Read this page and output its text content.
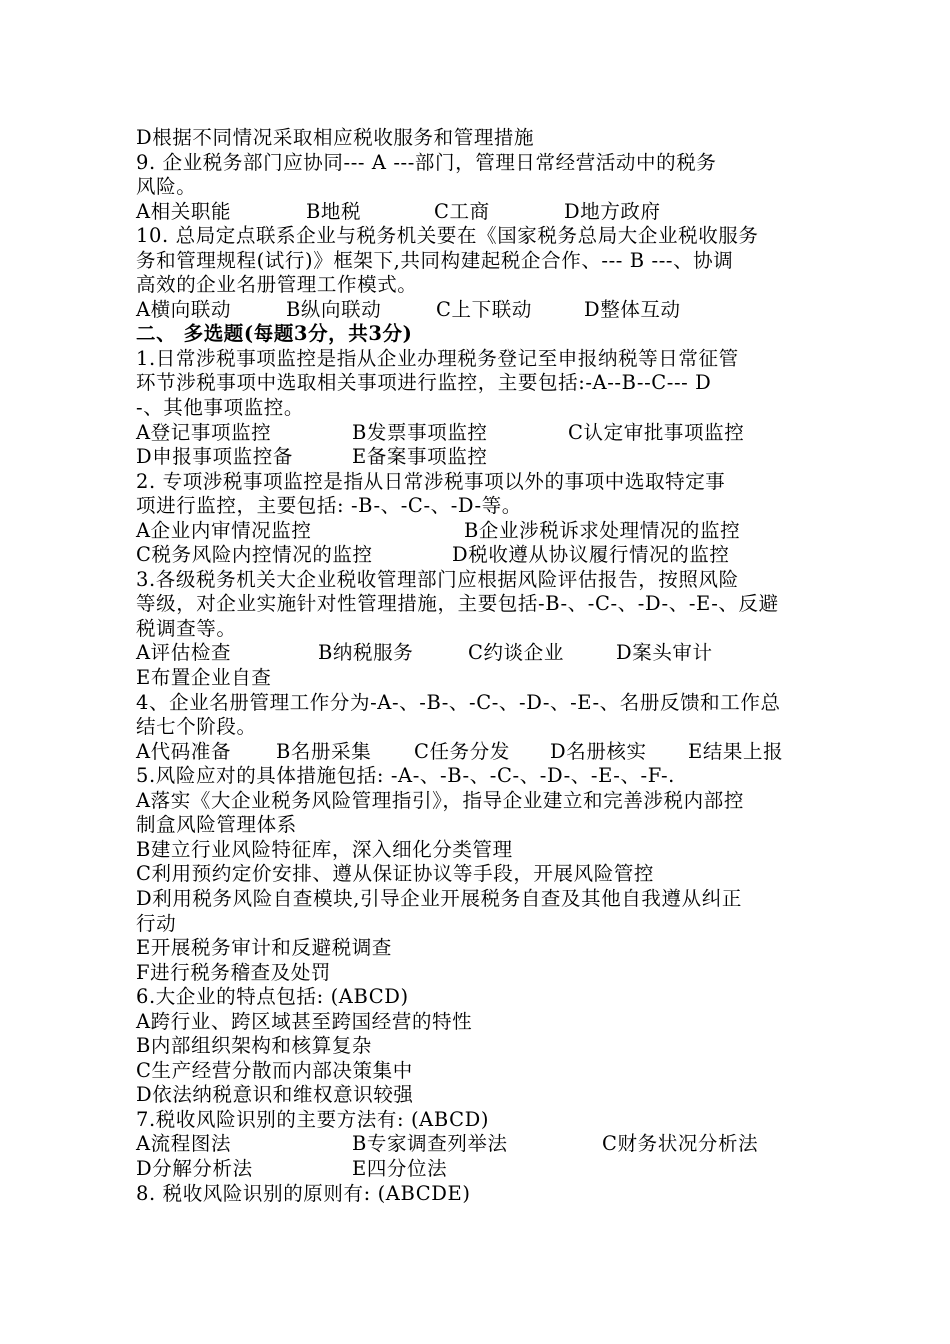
D根据不同情况采取相应税收服务和管理措施
9. 企业税务部门应协同--- A ---部门，管理日常经营活动中的税务
风险。
A相关职能	B地税	C工商	D地方政府
10. 总局定点联系企业与税务机关要在《国家税务总局大企业税收服务
务和管理规程(试行)》框架下,共同构建起税企合作、--- B ---、协调
高效的企业名册管理工作模式。
A横向联动	B纵向联动	C上下联动	D整体互动
二、 多选题(每题3分，共3分)
1.日常涉税事项监控是指从企业办理税务登记至申报纳税等日常征管
环节涉税事项中选取相关事项进行监控，主要包括:-A--B--C--- D
-、其他事项监控。
A登记事项监控	B发票事项监控	C认定审批事项监控
D申报事项监控备	E备案事项监控
2. 专项涉税事项监控是指从日常涉税事项以外的事项中选取特定事
项进行监控，主要包括: -B-、-C-、-D-等。
A企业内审情况监控	B企业涉税诉求处理情况的监控
C税务风险内控情况的监控	D税收遵从协议履行情况的监控
3.各级税务机关大企业税收管理部门应根据风险评估报告，按照风险
等级，对企业实施针对性管理措施，主要包括-B-、-C-、-D-、-E-、反避
税调查等。
A评估检查	B纳税服务	C约谈企业	D案头审计
E布置企业自查
4、企业名册管理工作分为-A-、-B-、-C-、-D-、-E-、名册反馈和工作总
结七个阶段。
A代码准备 B名册采集 C任务分发 D名册核实 E结果上报
5.风险应对的具体措施包括: -A-、-B-、-C-、-D-、-E-、-F-.
A落实《大企业税务风险管理指引》，指导企业建立和完善涉税内部控
制盒风险管理体系
B建立行业风险特征库，深入细化分类管理
C利用预约定价安排、遵从保证协议等手段，开展风险管控
D利用税务风险自查模块,引导企业开展税务自查及其他自我遵从纠正
行动
E开展税务审计和反避税调查
F进行税务稽查及处罚
6.大企业的特点包括: (ABCD)
A跨行业、跨区域甚至跨国经营的特性
B内部组织架构和核算复杂
C生产经营分散而内部决策集中
D依法纳税意识和维权意识较强
7.税收风险识别的主要方法有: (ABCD)
A流程图法	B专家调查列举法	C财务状况分析法
D分解分析法	E四分位法
8. 税收风险识别的原则有: (ABCDE)
